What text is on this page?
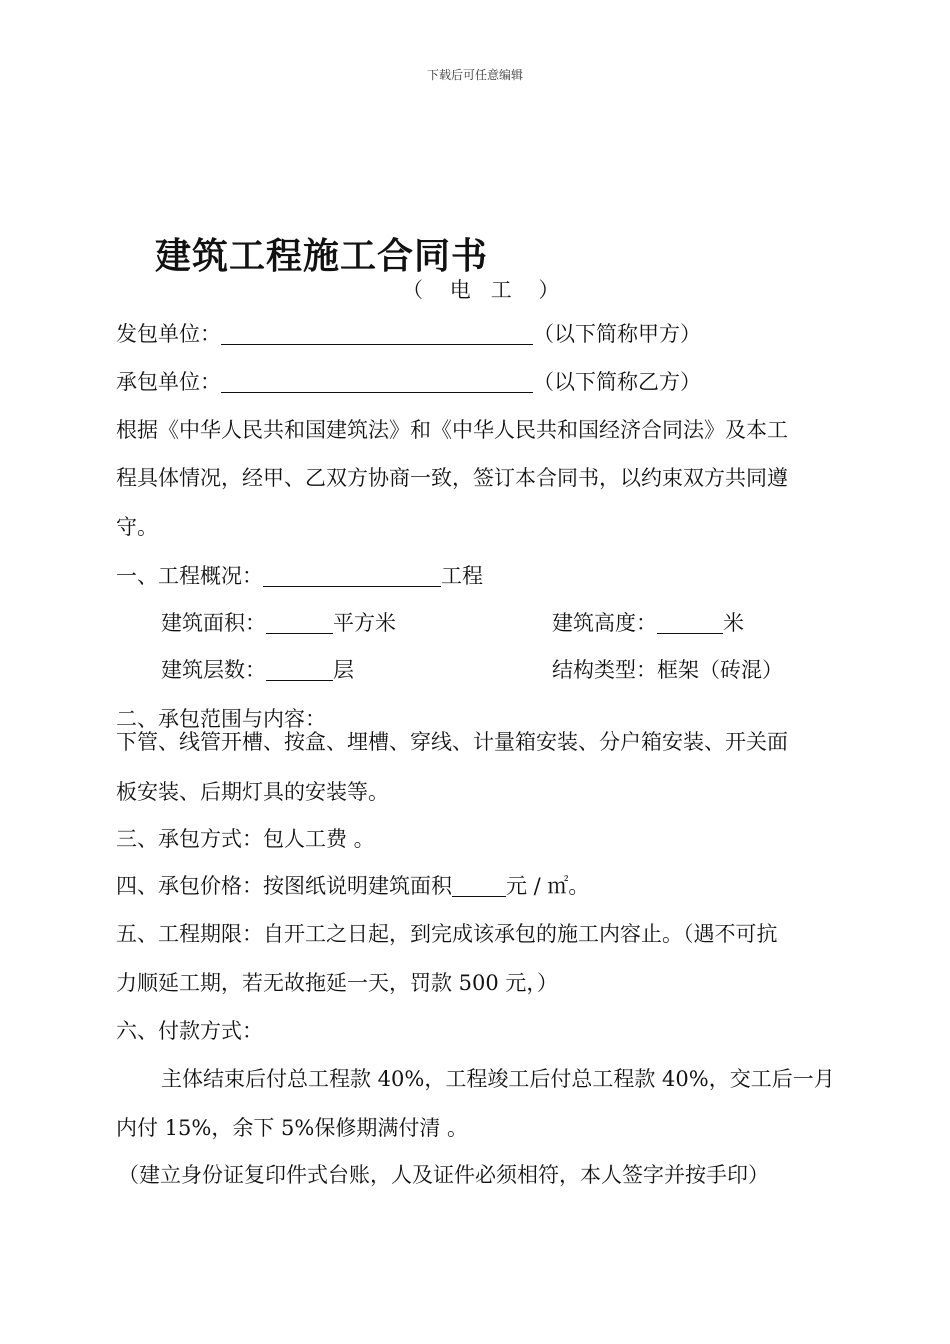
下载后可任意编辑
建筑工程施工合同书
（    电   工    ）
发包单位：	（以下简称甲方）
承包单位：	（以下简称乙方）
根据《中华人民共和国建筑法》和《中华人民共和国经济合同法》及本工
程具体情况，经甲、乙双方协商一致，签订本合同书，以约束双方共同遵
守。
一、工程概况：	工程
建筑面积：	平方米	建筑高度：	米
建筑层数：	层	结构类型：框架（砖混）
二、承包范围与内容：
下管、线管开槽、按盒、埋槽、穿线、计量箱安装、分户箱安装、开关面
板安装、后期灯具的安装等。
三、承包方式：包人工费 。
四、承包价格：按图纸说明建筑面积	元 / ㎡。
五、工程期限：自开工之日起，到完成该承包的施工内容止。（遇不可抗
力顺延工期，若无故拖延一天，罚款 500 元，）
六、付款方式：
主体结束后付总工程款 40%，工程竣工后付总工程款 40%，交工后一月
内付 15%，余下 5%保修期满付清 。
（建立身份证复印件式台账，人及证件必须相符，本人签字并按手印）
